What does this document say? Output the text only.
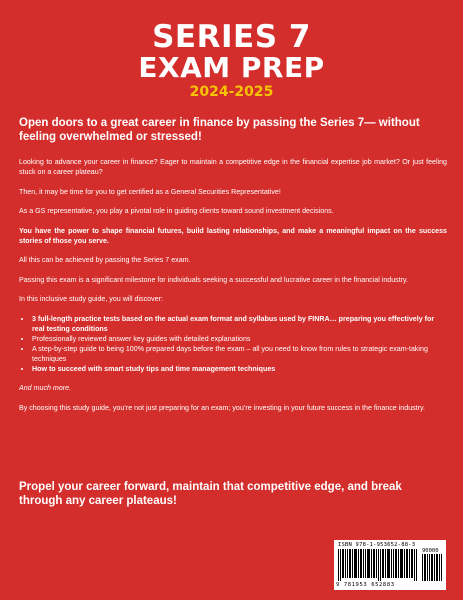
SERIES 7
EXAM PREP
2024-2025
Open doors to a great career in finance by passing the Series 7— without feeling overwhelmed or stressed!

Looking to advance your career in finance? Eager to maintain a competitive edge in the financial expertise job market? Or just feeling stuck on a career plateau?

Then, it may be time for you to get certified as a General Securities Representative!

As a GS representative, you play a pivotal role in guiding clients toward sound investment decisions.

You have the power to shape financial futures, build lasting relationships, and make a meaningful impact on the success stories of those you serve.

All this can be achieved by passing the Series 7 exam.

Passing this exam is a significant milestone for individuals seeking a successful and lucrative career in the financial industry.

In this inclusive study guide, you will discover:

• 3 full-length practice tests based on the actual exam format and syllabus used by FINRA… preparing you effectively for real testing conditions
• Professionally reviewed answer key guides with detailed explanations
• A step-by-step guide to being 100% prepared days before the exam – all you need to know from rules to strategic exam-taking techniques
• How to succeed with smart study tips and time management techniques

And much more.

By choosing this study guide, you’re not just preparing for an exam; you’re investing in your future success in the finance industry.

Propel your career forward, maintain that competitive edge, and break through any career plateaus!
ISBN 978-1-953652-88-3
90000
9 781953 652883
